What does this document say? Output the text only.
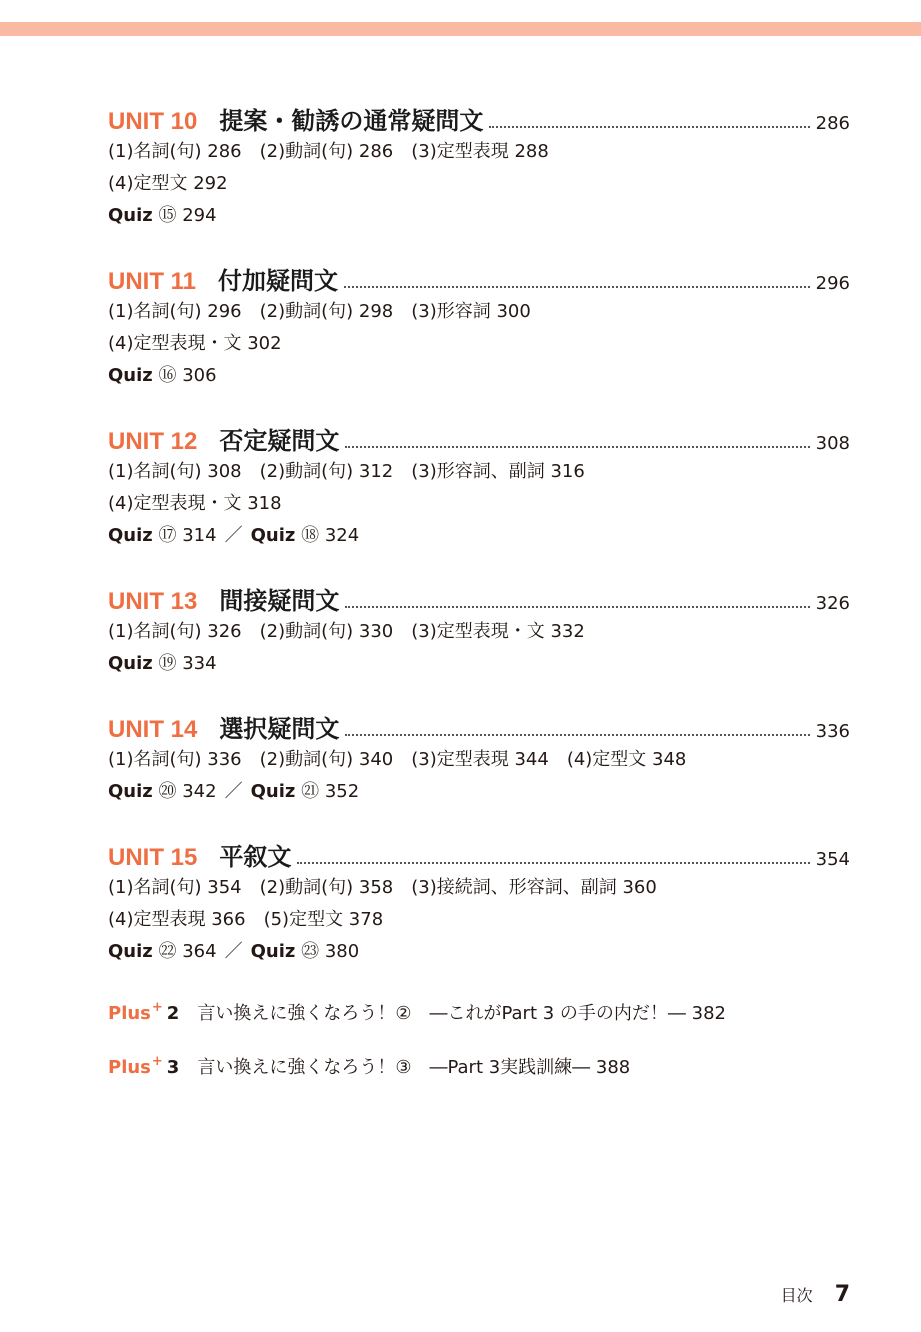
UNIT 10 提案・勧誘の通常疑問文	286
(1)名詞(句) 286　(2)動詞(句) 286　(3)定型表現 288
(4)定型文 292
Quiz ⑮ 294
UNIT 11 付加疑問文	296
(1)名詞(句) 296　(2)動詞(句) 298　(3)形容詞 300
(4)定型表現・文 302
Quiz ⑯ 306
UNIT 12 否定疑問文	308
(1)名詞(句) 308　(2)動詞(句) 312　(3)形容詞、副詞 316
(4)定型表現・文 318
Quiz ⑰ 314 ／ Quiz ⑱ 324
UNIT 13 間接疑問文	326
(1)名詞(句) 326　(2)動詞(句) 330　(3)定型表現・文 332
Quiz ⑲ 334
UNIT 14 選択疑問文	336
(1)名詞(句) 336　(2)動詞(句) 340　(3)定型表現 344　(4)定型文 348
Quiz ⑳ 342 ／ Quiz ㉑ 352
UNIT 15 平叙文	354
(1)名詞(句) 354　(2)動詞(句) 358　(3)接続詞、形容詞、副詞 360
(4)定型表現 366　(5)定型文 378
Quiz ㉒ 364 ／ Quiz ㉓ 380
Plus+ 2 言い換えに強くなろう！②　―これがPart 3 の手の内だ！― 382
Plus+ 3 言い換えに強くなろう！③　―Part 3実践訓練― 388
目次 7
